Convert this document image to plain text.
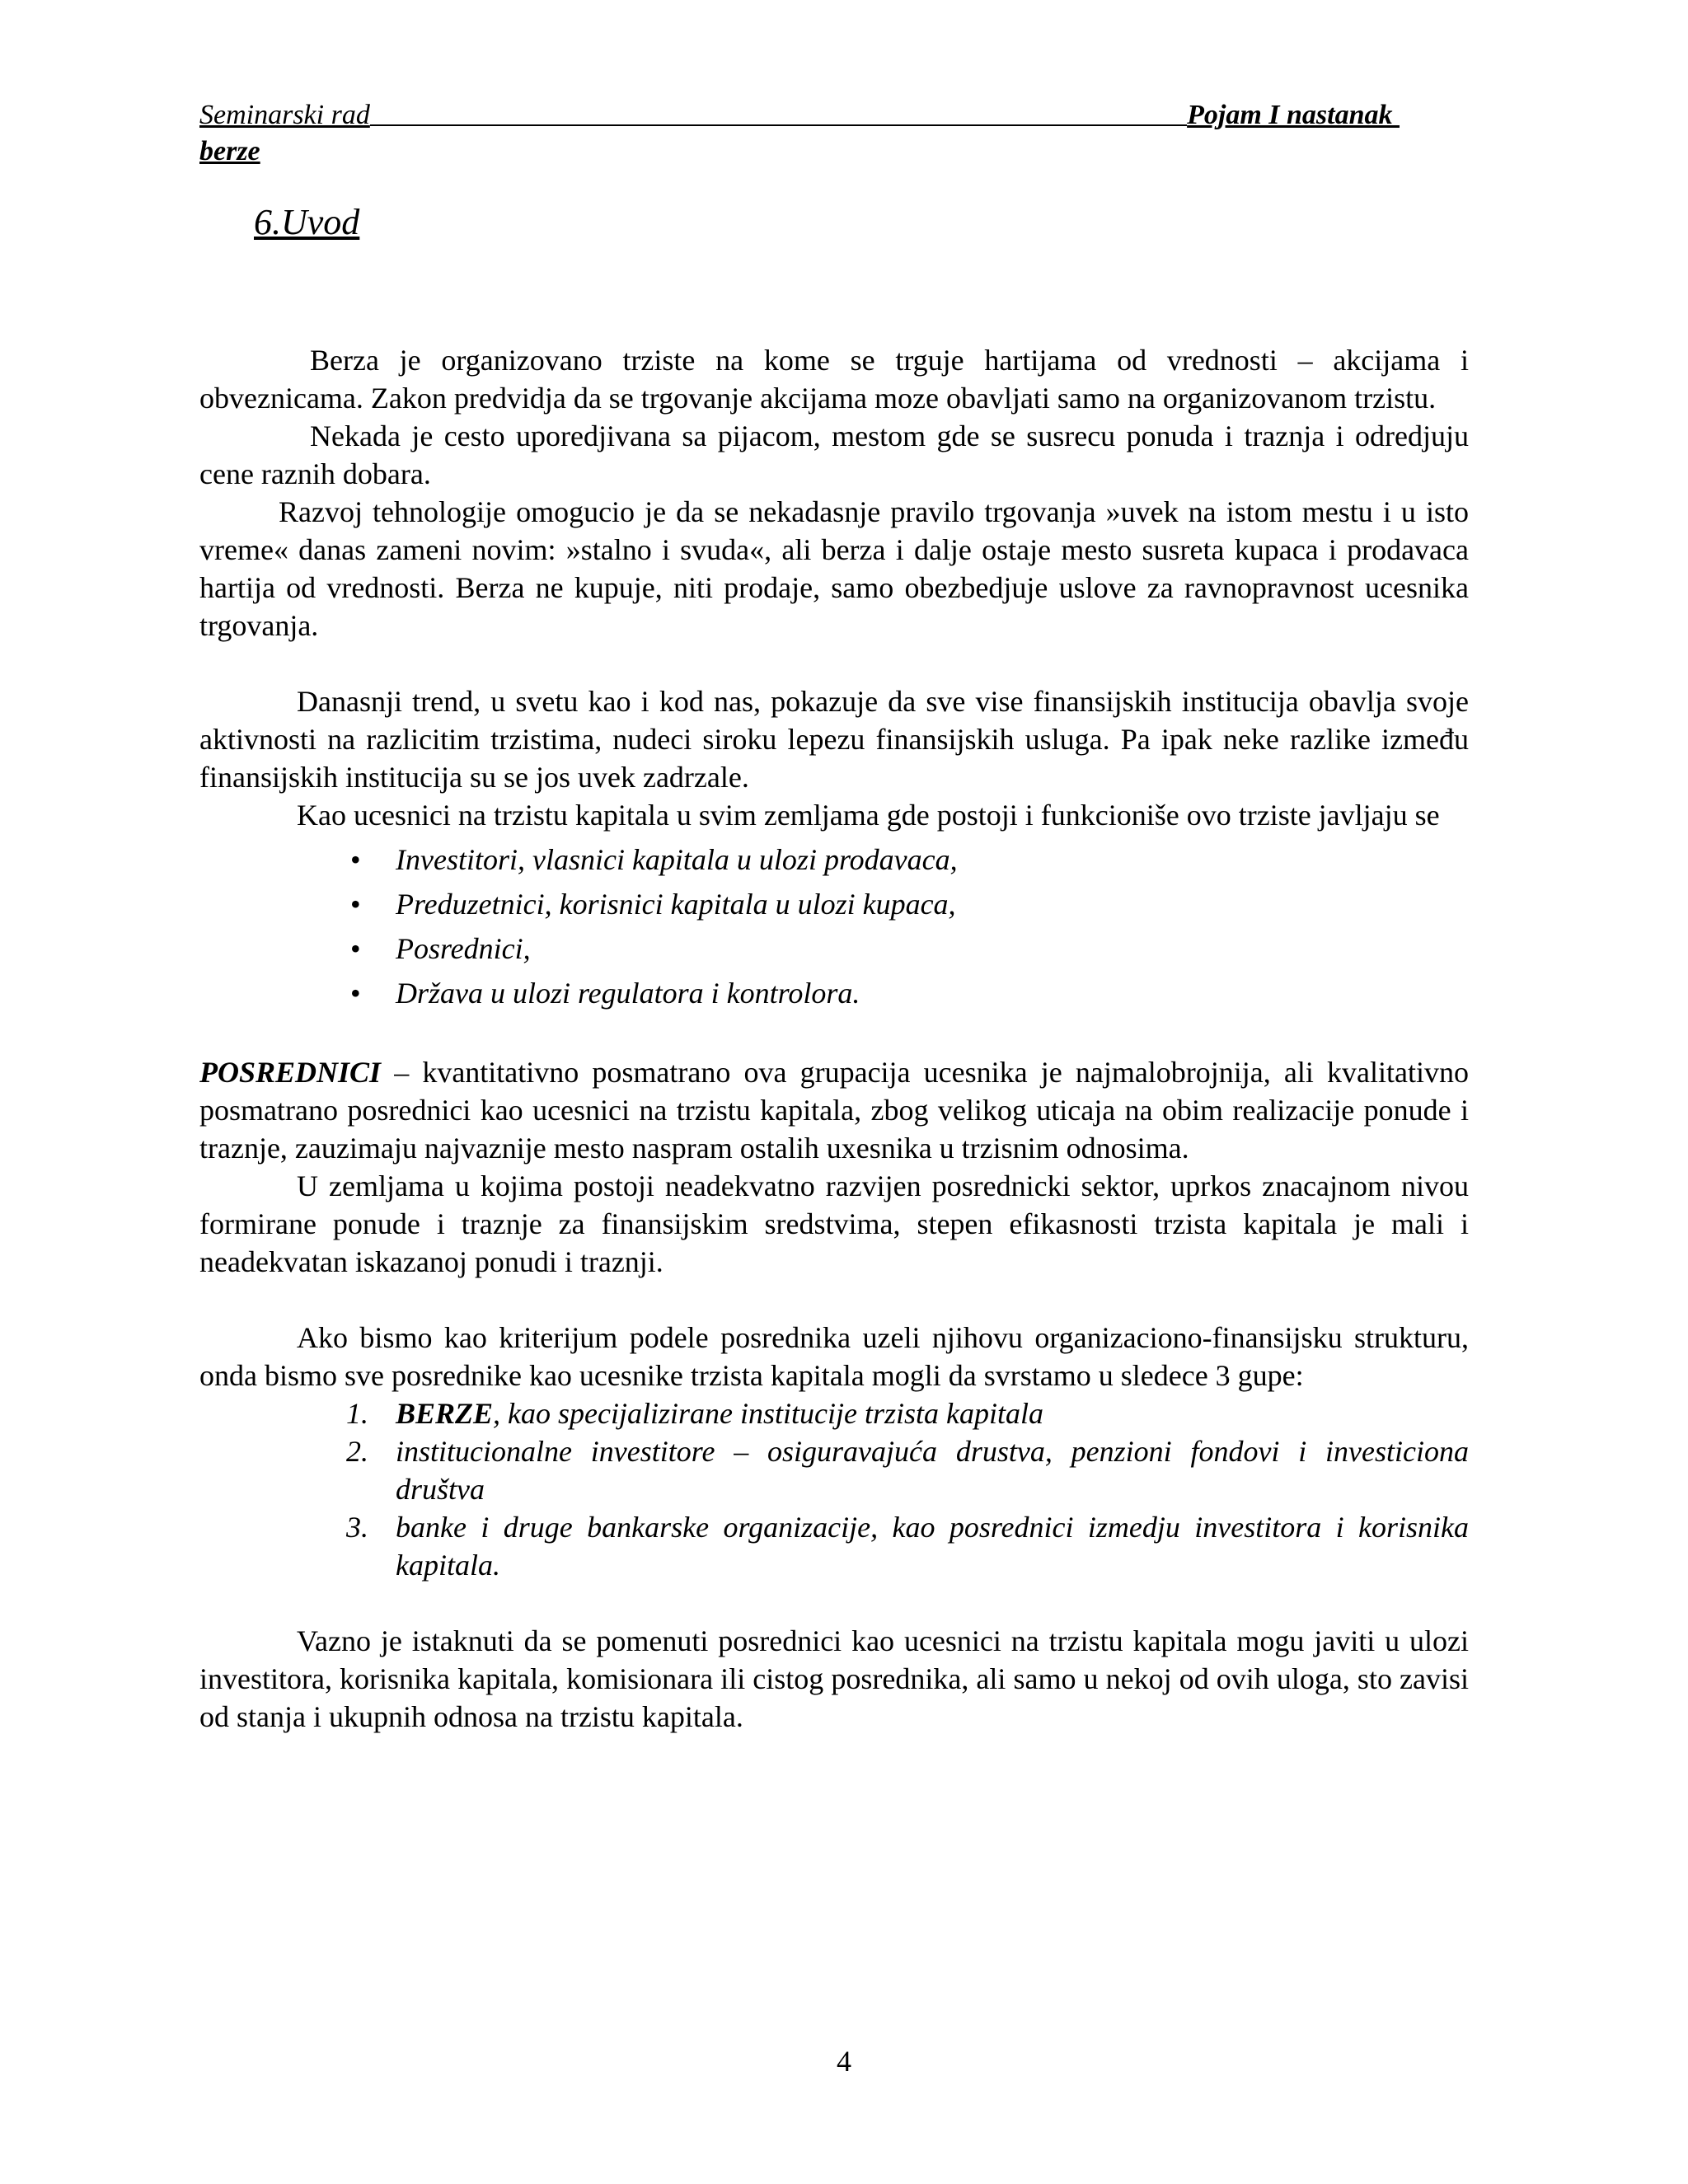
Seminarski rad	Pojam I nastanak
berze
6.Uvod

Berza je organizovano trziste na kome se trguje hartijama od vrednosti – akcijama i obveznicama. Zakon predvidja da se trgovanje akcijama moze obavljati samo na organizovanom trzistu.

Nekada je cesto uporedjivana sa pijacom, mestom gde se susrecu ponuda i traznja i odredjuju cene raznih dobara.

Razvoj tehnologije omogucio je da se nekadasnje pravilo trgovanja »uvek na istom mestu i u isto vreme« danas zameni novim: »stalno i svuda«, ali berza i dalje ostaje mesto susreta kupaca i prodavaca hartija od vrednosti. Berza ne kupuje, niti prodaje, samo obezbedjuje uslove za ravnopravnost ucesnika trgovanja.

Danasnji trend, u svetu kao i kod nas, pokazuje da sve vise finansijskih institucija obavlja svoje aktivnosti na razlicitim trzistima, nudeci siroku lepezu finansijskih usluga. Pa ipak neke razlike između finansijskih institucija su se jos uvek zadrzale.

Kao ucesnici na trzistu kapitala u svim zemljama gde postoji i funkcioniše ovo trziste javljaju se

• Investitori, vlasnici kapitala u ulozi prodavaca,
• Preduzetnici, korisnici kapitala u ulozi kupaca,
• Posrednici,
• Država u ulozi regulatora i kontrolora.

POSREDNICI – kvantitativno posmatrano ova grupacija ucesnika je najmalobrojnija, ali kvalitativno posmatrano posrednici kao ucesnici na trzistu kapitala, zbog velikog uticaja na obim realizacije ponude i traznje, zauzimaju najvaznije mesto naspram ostalih uxesnika u trzisnim odnosima.

U zemljama u kojima postoji neadekvatno razvijen posrednicki sektor, uprkos znacajnom nivou formirane ponude i traznje za finansijskim sredstvima, stepen efikasnosti trzista kapitala je mali i neadekvatan iskazanoj ponudi i traznji.

Ako bismo kao kriterijum podele posrednika uzeli njihovu organizaciono-finansijsku strukturu, onda bismo sve posrednike kao ucesnike trzista kapitala mogli da svrstamo u sledece 3 gupe:

1. BERZE, kao specijalizirane institucije trzista kapitala
2. institucionalne investitore – osiguravajuća drustva, penzioni fondovi i investiciona društva
3. banke i druge bankarske organizacije, kao posrednici izmedju investitora i korisnika kapitala.

Vazno je istaknuti da se pomenuti posrednici kao ucesnici na trzistu kapitala mogu javiti u ulozi investitora, korisnika kapitala, komisionara ili cistog posrednika, ali samo u nekoj od ovih uloga, sto zavisi od stanja i ukupnih odnosa na trzistu kapitala.

4
